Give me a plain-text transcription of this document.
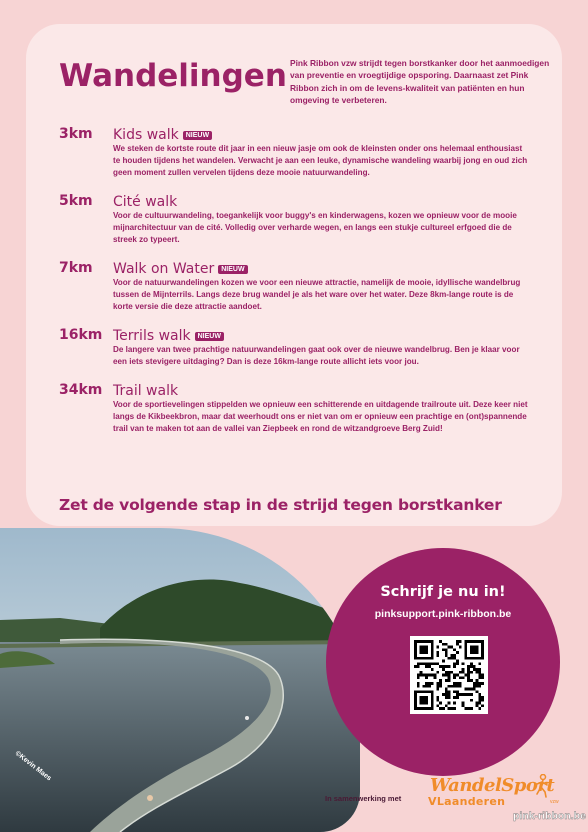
Wandelingen Pink Ribbon vzw strijdt tegen borstkanker door het aanmoedigen van preventie en vroegtijdige opsporing. Daarnaast zet Pink Ribbon zich in om de levens-kwaliteit van patiënten en hun omgeving te verbeteren.

3km Kids walk NIEUW

We steken de kortste route dit jaar in een nieuw jasje om ook de kleinsten onder ons helemaal enthousiast te houden tijdens het wandelen. Verwacht je aan een leuke, dynamische wandeling waarbij jong en oud zich geen moment zullen vervelen tijdens deze mooie natuurwandeling.

5km Cité walk

Voor de cultuurwandeling, toegankelijk voor buggy's en kinderwagens, kozen we opnieuw voor de mooie mijnarchitectuur van de cité. Volledig over verharde wegen, en langs een stukje cultureel erfgoed die de streek zo typeert.

7km Walk on Water NIEUW

Voor de natuurwandelingen kozen we voor een nieuwe attractie, namelijk de mooie, idyllische wandelbrug tussen de Mijnterrils. Langs deze brug wandel je als het ware over het water. Deze 8km-lange route is de korte versie die deze attractie aandoet.

16km Terrils walk NIEUW

De langere van twee prachtige natuurwandelingen gaat ook over de nieuwe wandelbrug. Ben je klaar voor een iets stevigere uitdaging? Dan is deze 16km-lange route allicht iets voor jou.

34km Trail walk

Voor de sportievelingen stippelden we opnieuw een schitterende en uitdagende trailroute uit. Deze keer niet langs de Kikbeekbron, maar dat weerhoudt ons er niet van om er opnieuw een prachtige en (ont)spannende trail van te maken tot aan de vallei van Ziepbeek en rond de witzandgroeve Berg Zuid!

Zet de volgende stap in de strijd tegen borstkanker

©Kevin Maes
Schrijf je nu in!
pinksupport.pink-ribbon.be
In samenwerking met
WandelSport
VLaanderen	vzw
pink-ribbon.be
